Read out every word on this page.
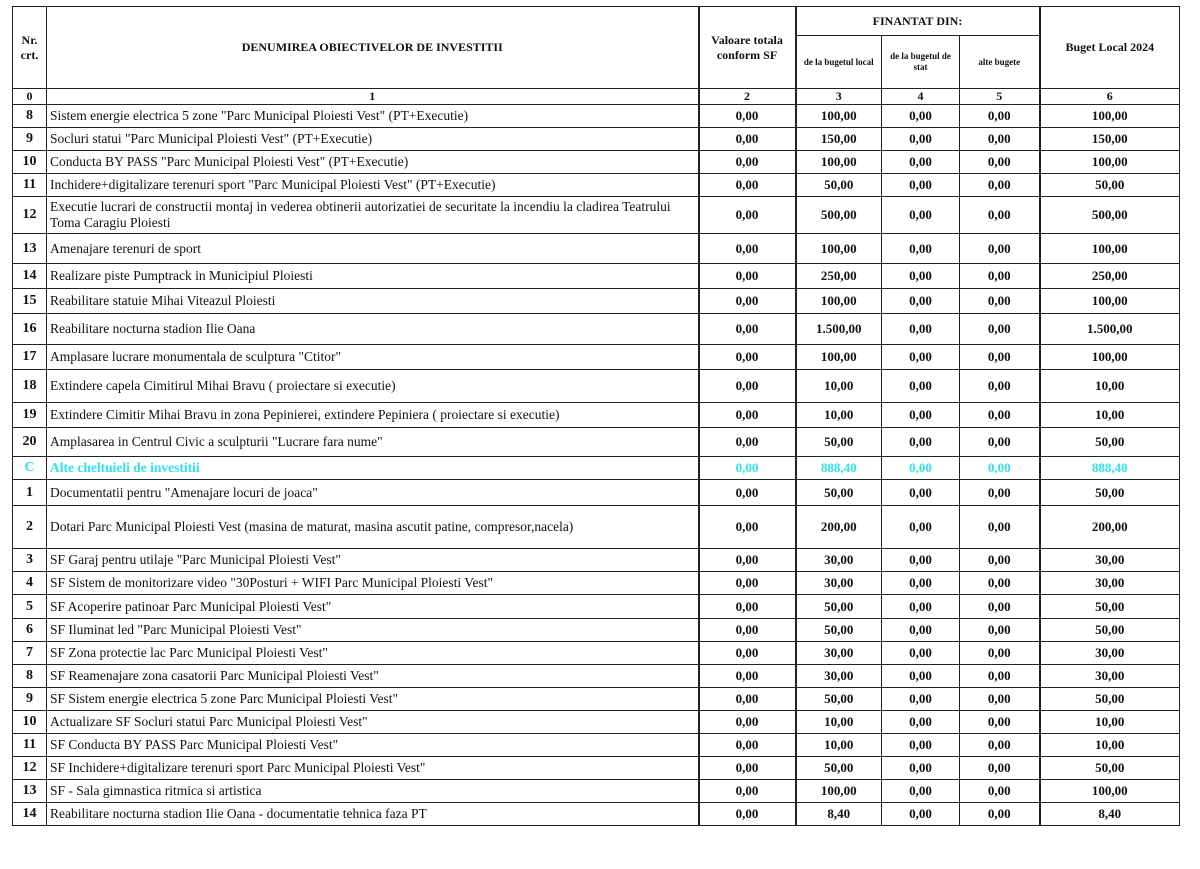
Nr. crt.	DENUMIREA OBIECTIVELOR DE INVESTITII	Valoare totala conform SF	FINANTAT DIN:			Buget Local 2024
			de la bugetul local	de la bugetul de stat	alte bugete	
0	1	2	3	4	5	6
8	Sistem energie electrica 5 zone "Parc Municipal Ploiesti Vest" (PT+Executie)	0,00	100,00	0,00	0,00	100,00
9	Socluri statui "Parc Municipal Ploiesti Vest" (PT+Executie)	0,00	150,00	0,00	0,00	150,00
10	Conducta BY PASS "Parc Municipal Ploiesti Vest" (PT+Executie)	0,00	100,00	0,00	0,00	100,00
11	Inchidere+digitalizare terenuri sport "Parc Municipal Ploiesti Vest" (PT+Executie)	0,00	50,00	0,00	0,00	50,00
12	Executie lucrari de constructii montaj in vederea obtinerii autorizatiei de securitate la incendiu la cladirea Teatrului Toma Caragiu Ploiesti	0,00	500,00	0,00	0,00	500,00
13	Amenajare terenuri de sport	0,00	100,00	0,00	0,00	100,00
14	Realizare piste Pumptrack in Municipiul Ploiesti	0,00	250,00	0,00	0,00	250,00
15	Reabilitare statuie Mihai Viteazul Ploiesti	0,00	100,00	0,00	0,00	100,00
16	Reabilitare nocturna stadion Ilie Oana	0,00	1.500,00	0,00	0,00	1.500,00
17	Amplasare lucrare monumentala de sculptura "Ctitor"	0,00	100,00	0,00	0,00	100,00
18	Extindere capela Cimitirul Mihai Bravu ( proiectare si executie)	0,00	10,00	0,00	0,00	10,00
19	Extindere Cimitir Mihai Bravu in zona Pepinierei, extindere Pepiniera ( proiectare si executie)	0,00	10,00	0,00	0,00	10,00
20	Amplasarea in Centrul Civic a sculpturii "Lucrare fara nume"	0,00	50,00	0,00	0,00	50,00
C	Alte cheltuieli de investitii	0,00	888,40	0,00	0,00	888,40
1	Documentatii pentru "Amenajare locuri de joaca"	0,00	50,00	0,00	0,00	50,00
2	Dotari Parc Municipal Ploiesti Vest (masina de maturat, masina ascutit patine, compresor,nacela)	0,00	200,00	0,00	0,00	200,00
3	SF Garaj pentru utilaje "Parc Municipal Ploiesti Vest"	0,00	30,00	0,00	0,00	30,00
4	SF Sistem de monitorizare video "30Posturi + WIFI Parc Municipal Ploiesti Vest"	0,00	30,00	0,00	0,00	30,00
5	SF Acoperire patinoar Parc Municipal Ploiesti Vest"	0,00	50,00	0,00	0,00	50,00
6	SF Iluminat led "Parc Municipal Ploiesti Vest"	0,00	50,00	0,00	0,00	50,00
7	SF Zona protectie lac Parc Municipal Ploiesti Vest"	0,00	30,00	0,00	0,00	30,00
8	SF Reamenajare zona casatorii Parc Municipal Ploiesti Vest"	0,00	30,00	0,00	0,00	30,00
9	SF Sistem energie electrica 5 zone Parc Municipal Ploiesti Vest"	0,00	50,00	0,00	0,00	50,00
10	Actualizare SF Socluri statui Parc Municipal Ploiesti Vest"	0,00	10,00	0,00	0,00	10,00
11	SF Conducta BY PASS Parc Municipal Ploiesti Vest"	0,00	10,00	0,00	0,00	10,00
12	SF Inchidere+digitalizare terenuri sport Parc Municipal Ploiesti Vest"	0,00	50,00	0,00	0,00	50,00
13	SF - Sala gimnastica ritmica si artistica	0,00	100,00	0,00	0,00	100,00
14	Reabilitare nocturna stadion Ilie Oana - documentatie tehnica faza PT	0,00	8,40	0,00	0,00	8,40
